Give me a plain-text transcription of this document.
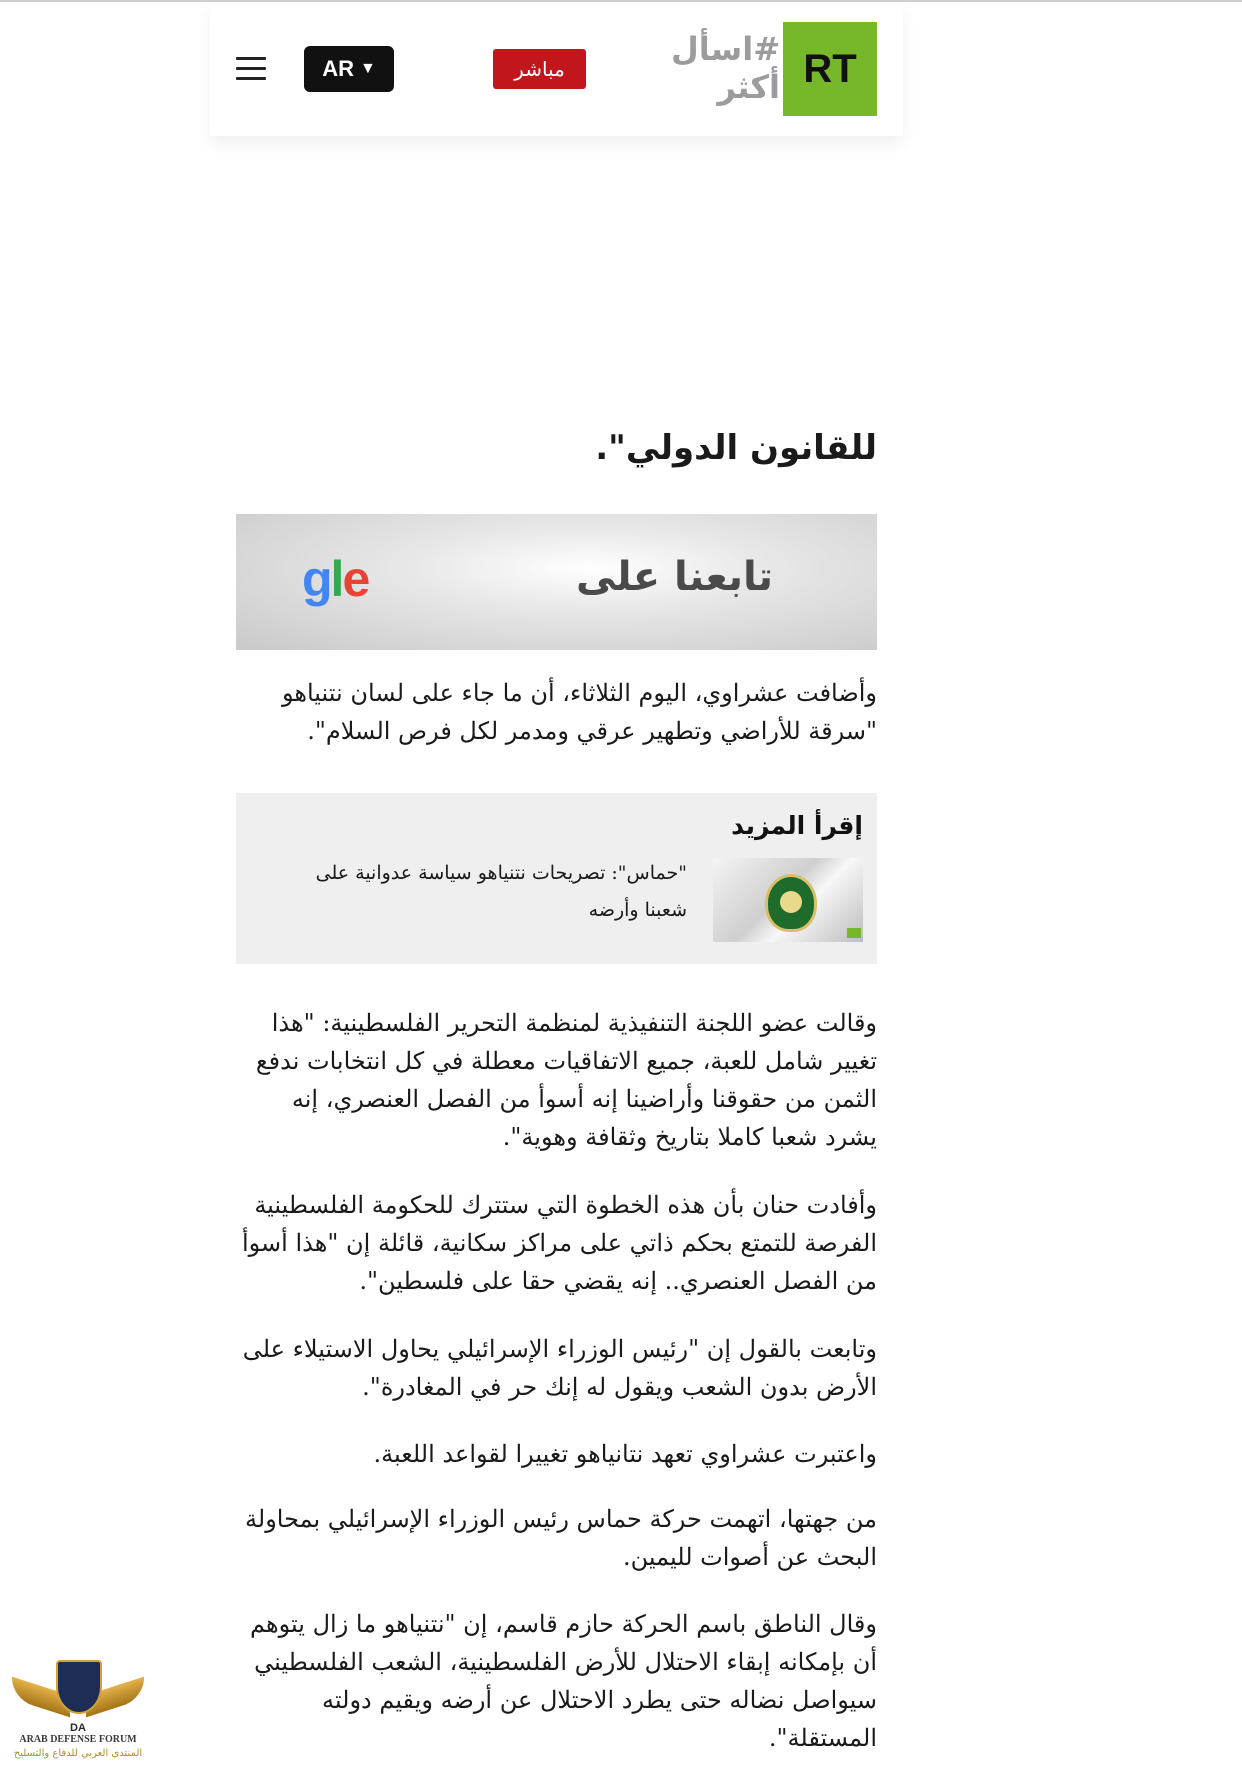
AR ▼	مباشر
#اسأل أكثر RT
للقانون الدولي".
gle	تابعنا على

وأضافت عشراوي، اليوم الثلاثاء، أن ما جاء على لسان نتنياهو "سرقة للأراضي وتطهير عرقي ومدمر لكل فرص السلام".

إقرأ المزيد
"حماس": تصريحات نتنياهو سياسة عدوانية على شعبنا وأرضه

وقالت عضو اللجنة التنفيذية لمنظمة التحرير الفلسطينية: "هذا تغيير شامل للعبة، جميع الاتفاقيات معطلة في كل انتخابات ندفع الثمن من حقوقنا وأراضينا إنه أسوأ من الفصل العنصري، إنه يشرد شعبا كاملا بتاريخ وثقافة وهوية".

وأفادت حنان بأن هذه الخطوة التي ستترك للحكومة الفلسطينية الفرصة للتمتع بحكم ذاتي على مراكز سكانية، قائلة إن "هذا أسوأ من الفصل العنصري.. إنه يقضي حقا على فلسطين".

وتابعت بالقول إن "رئيس الوزراء الإسرائيلي يحاول الاستيلاء على الأرض بدون الشعب ويقول له إنك حر في المغادرة".

واعتبرت عشراوي تعهد نتانياهو تغييرا لقواعد اللعبة.

من جهتها، اتهمت حركة حماس رئيس الوزراء الإسرائيلي بمحاولة البحث عن أصوات لليمين.

وقال الناطق باسم الحركة حازم قاسم، إن "نتنياهو ما زال يتوهم أن بإمكانه إبقاء الاحتلال للأرض الفلسطينية، الشعب الفلسطيني سيواصل نضاله حتى يطرد الاحتلال عن أرضه ويقيم دولته المستقلة".

DA
ARAB DEFENSE FORUM
المنتدى العربي للدفاع والتسليح
